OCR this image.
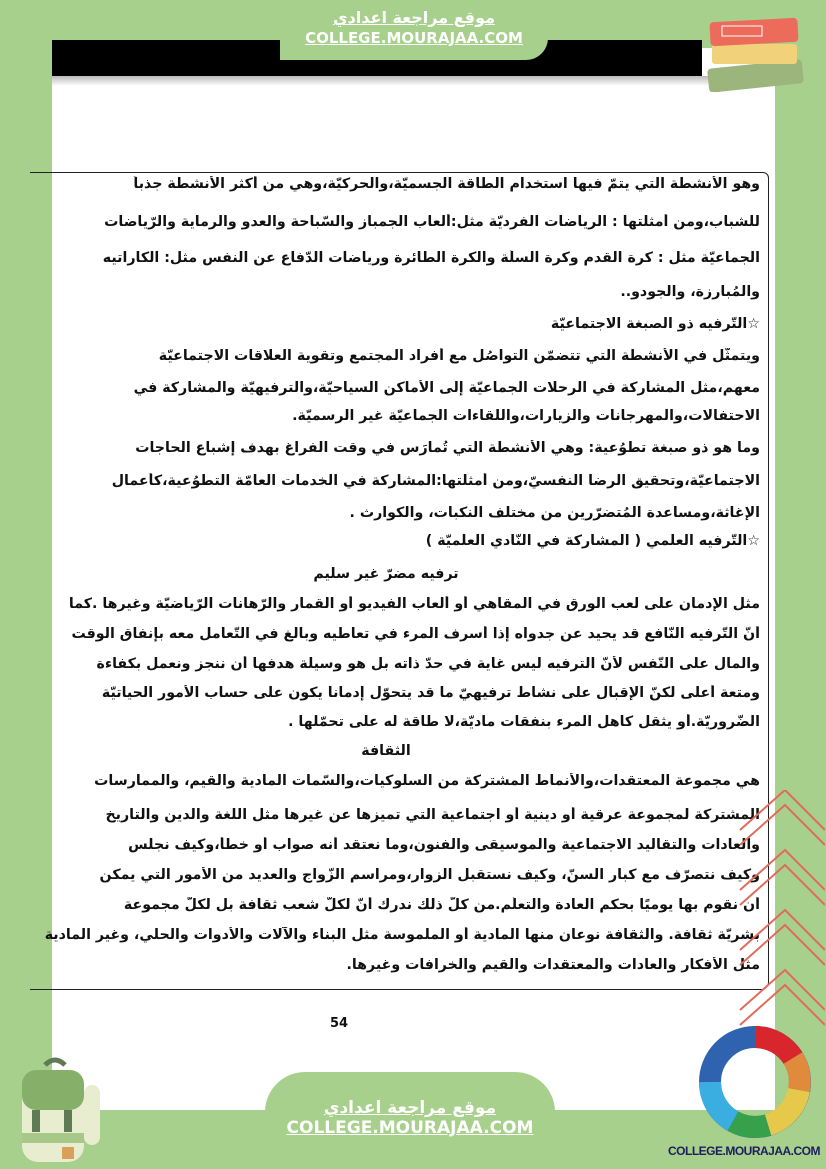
موقع مراجعة اعدادي
COLLEGE.MOURAJAA.COM
وهو الأنشطة التي يتمّ فيها استخدام الطاقة الجسميّة،والحركيّة،وهي من أكثر الأنشطة جذباً
للشباب،ومن أمثلتها : الرياضات الفرديّة مثل:ألعاب الجمباز والسّباحة والعدو والرماية والرّياضات
الجماعيّة مثل : كرة القدم وكرة السلّة والكرة الطائرة ورياضات الدّفاع عن النفس مثل: الكاراتيه
والمُبارزة، والجودو..
☆التّرفيه ذو الصبغة الاجتماعيّة
ويتمثّل في الأنشطة التي تتضمّن التواصُل مع أفراد المجتمع وتقوية العلاقات الاجتماعيّة
معهم،مثل المشاركة في الرحلات الجماعيّة إلى الأماكن السياحيّة،والترفيهيّة والمشاركة في
الاحتفالات،والمهرجانات والزيارات،واللقاءات الجماعيّة غير الرسميّة.
وما هو ذو صبغة تطوُعية: وهي الأنشطة التي تُمارَس في وقت الفراغ بهدف إشباع الحاجات
الاجتماعيّة،وتحقيق الرضا النفسيّ،ومن أمثلتها:المشاركة في الخدمات العامّة التطوُعية،كأعمال
الإغاثة،ومساعدة المُتضرّرين من مختلف النكبات، والكوارث .
☆التّرفيه العلمي ( المشاركة في النّادي العلميّة )
ترفيه مضرّ غير سليم
مثل الإدمان على لعب الورق في المقاهي أو ألعاب الفيديو أو القمار والرّهانات الرّياضيّة وغيرها .كما
أنّ التّرفيه النّافع قد يحيد عن جدواه إذا أسرف المرء في تعاطيه وبالغ في التّعامل معه بإنفاق الوقت
والمال على النّفس لأنّ الترفيه ليس غاية في حدّ ذاته بل هو وسيلة هدفها أن ننجز ونعمل بكفاءة
ومتعة أعلى لكنّ الإقبال على نشاط ترفيهيّ ما قد يتحوّل إدمانا يكون على حساب الأمور الحياتيّة
الضّروريّة.أو يثقل كاهل المرء بنفقات ماديّة،لا طاقة له على تحمّلها .
الثقافة
هي مجموعة المعتقدات،والأنماط المشتركة من السلوكيات،والسّمات المادية والقيم، والممارسات
المشتركة لمجموعة عرقية أو دينية أو اجتماعية التي تميزها عن غيرها مثل اللغة والدين والتاريخ
والعادات والتقاليد الاجتماعية والموسيقى والفنون،وما نعتقد أنه صواب أو خطأ،وكيف نجلس
وكيف نتصرّف مع كبار السنّ، وكيف نستقبل الزوار،ومراسم الزّواج والعديد من الأمور التي يمكن
أن نقوم بها يوميًا بحكم العادة والتعلّم.من كلّ ذلك ندرك أنّ لكلّ شعب ثقافة بل لكلّ مجموعة
بشريّة ثقافة. والثقافة نوعان منها المادية أو الملموسة مثل البناء والآلات والأدوات والحلي، وغير المادية
مثل الأفكار والعادات والمعتقدات والقيم والخرافات وغيرها.
54
موقع مراجعة اعدادي
COLLEGE.MOURAJAA.COM
COLLEGE.MOURAJAA.COM
